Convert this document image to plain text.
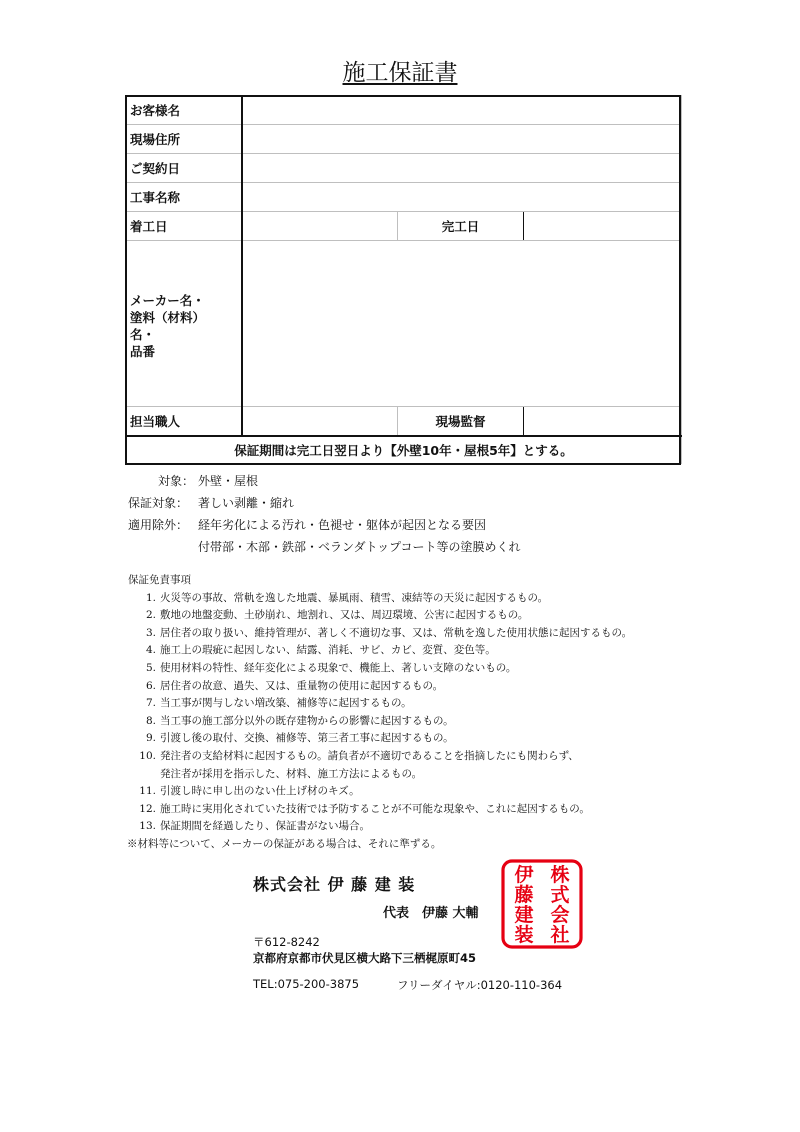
施工保証書
お客様名			
現場住所			
ご契約日			
工事名称			
着工日		完工日	

メーカー名・
塗料（材料）
名・
品番			

担当職人		現場監督	
保証期間は完工日翌日より【外壁10年・屋根5年】とする。			
対象： 外壁・屋根
保証対象： 著しい剥離・縮れ
適用除外： 経年劣化による汚れ・色褪せ・躯体が起因となる要因
付帯部・木部・鉄部・ベランダトップコート等の塗膜めくれ
保証免責事項
1. 火災等の事故、常軌を逸した地震、暴風雨、積雪、凍結等の天災に起因するもの。
2. 敷地の地盤変動、土砂崩れ、地割れ、又は、周辺環境、公害に起因するもの。
3. 居住者の取り扱い、維持管理が、著しく不適切な事、又は、常軌を逸した使用状態に起因するもの。
4. 施工上の瑕疵に起因しない、結露、消耗、サビ、カビ、変質、変色等。
5. 使用材料の特性、経年変化による現象で、機能上、著しい支障のないもの。
6. 居住者の故意、過失、又は、重量物の使用に起因するもの。
7. 当工事が関与しない増改築、補修等に起因するもの。
8. 当工事の施工部分以外の既存建物からの影響に起因するもの。
9. 引渡し後の取付、交換、補修等、第三者工事に起因するもの。
10. 発注者の支給材料に起因するもの。請負者が不適切であることを指摘したにも関わらず、
発注者が採用を指示した、材料、施工方法によるもの。
11. 引渡し時に申し出のない仕上げ材のキズ。
12. 施工時に実用化されていた技術では予防することが不可能な現象や、これに起因するもの。
13. 保証期間を経過したり、保証書がない場合。
※材料等について、メーカーの保証がある場合は、それに準ずる。
株式会社 伊 藤 建 装
代表　伊藤 大輔
〒612-8242
京都府京都市伏見区横大路下三栖梶原町45
TEL:075-200-3875	フリーダイヤル:0120-110-364
株
式
会
社
伊
藤
建
装
